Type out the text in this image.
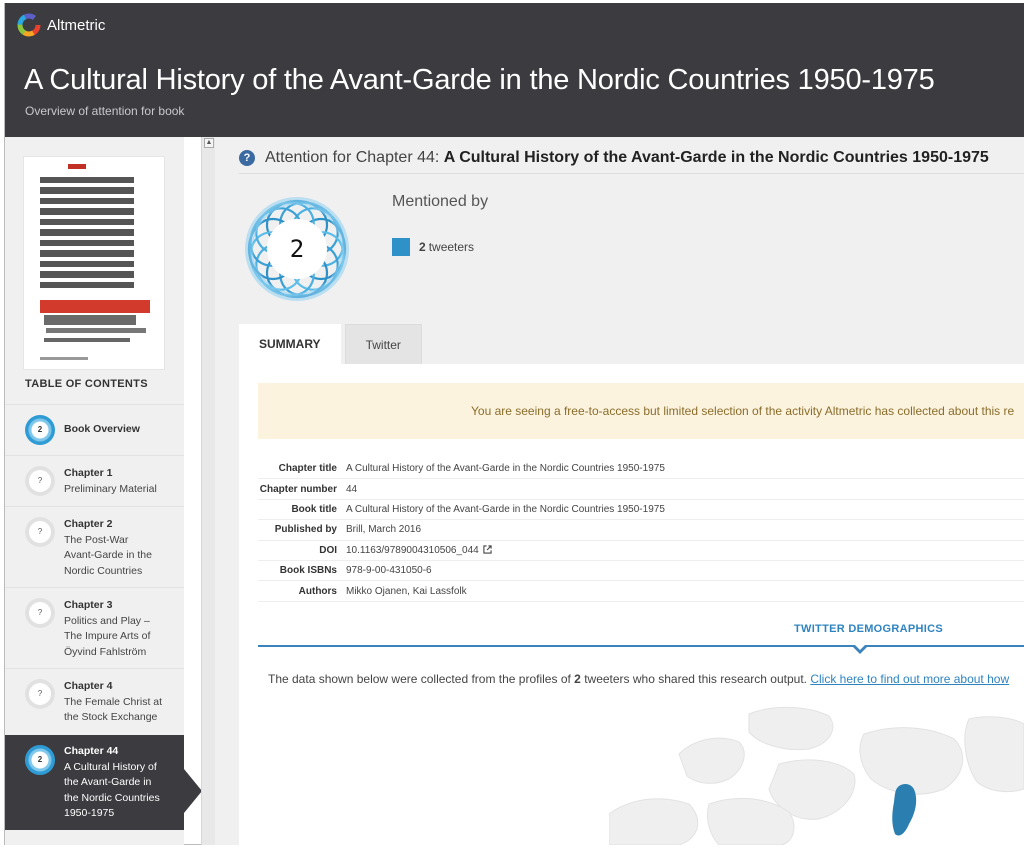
Altmetric
A Cultural History of the Avant-Garde in the Nordic Countries 1950-1975
Overview of attention for book
TABLE OF CONTENTS
2	Book Overview
?
Chapter 1
Preliminary Material
?
Chapter 2
The Post-War
Avant-Garde in the
Nordic Countries
?
Chapter 3
Politics and Play –
The Impure Arts of
Öyvind Fahlström
?
Chapter 4
The Female Christ at
the Stock Exchange
2
Chapter 44
A Cultural History of
the Avant-Garde in
the Nordic Countries
1950-1975
▲
? Attention for Chapter 44:
A Cultural History of the Avant-Garde in the Nordic Countries 1950-1975
2
Mentioned by
2 tweeters
SUMMARY	Twitter
You are seeing a free-to-access but limited selection of the activity Altmetric has collected about this re
Chapter title	A Cultural History of the Avant-Garde in the Nordic Countries 1950-1975
Chapter number	44
Book title	A Cultural History of the Avant-Garde in the Nordic Countries 1950-1975
Published by	Brill, March 2016
DOI	10.1163/9789004310506_044
Book ISBNs	978-9-00-431050-6
Authors	Mikko Ojanen, Kai Lassfolk
TWITTER DEMOGRAPHICS
The data shown below were collected from the profiles of 2 tweeters who shared this research output. Click here to find out more about how
